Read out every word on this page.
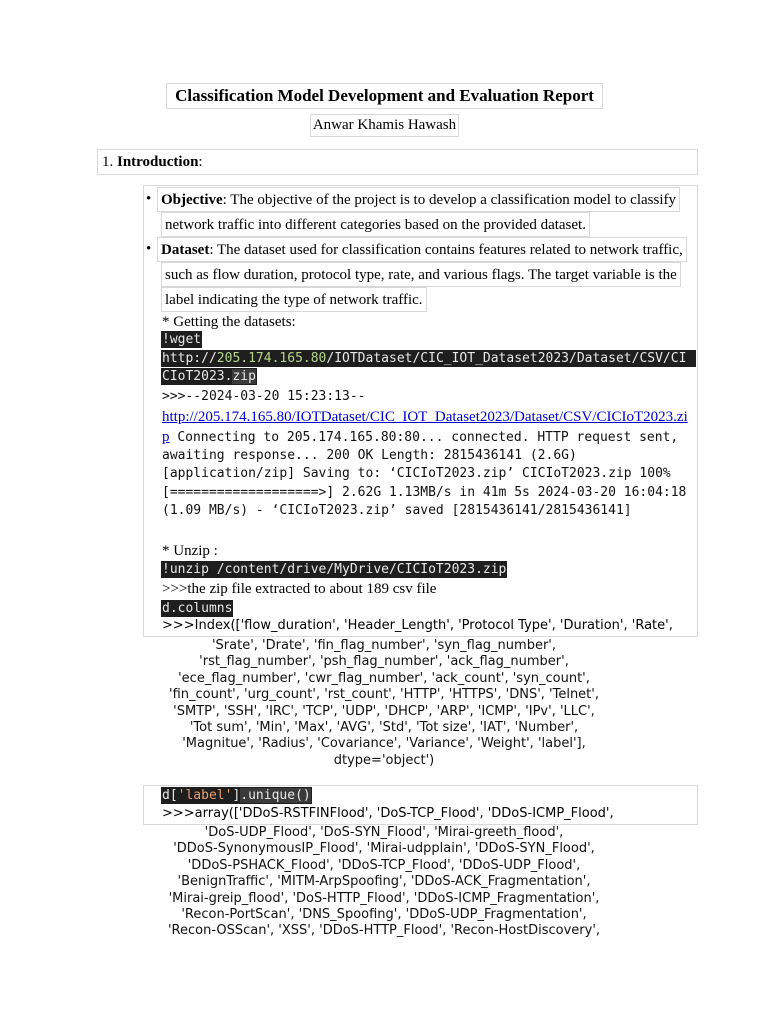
Classification Model Development and Evaluation Report
Anwar Khamis Hawash
1. Introduction:
• Objective: The objective of the project is to develop a classification model to classify
network traffic into different categories based on the provided dataset.
• Dataset: The dataset used for classification contains features related to network traffic,
such as flow duration, protocol type, rate, and various flags. The target variable is the
label indicating the type of network traffic.
* Getting the datasets:
!wget
http://205.174.165.80/IOTDataset/CIC_IOT_Dataset2023/Dataset/CSV/CI
CIoT2023.zip
>>>--2024-03-20 15:23:13--
http://205.174.165.80/IOTDataset/CIC_IOT_Dataset2023/Dataset/CSV/CICIoT2023.zi
p Connecting to 205.174.165.80:80... connected. HTTP request sent,
awaiting response... 200 OK Length: 2815436141 (2.6G)
[application/zip] Saving to: ‘CICIoT2023.zip’ CICIoT2023.zip 100%
[===================>] 2.62G 1.13MB/s in 41m 5s 2024-03-20 16:04:18
(1.09 MB/s) - ‘CICIoT2023.zip’ saved [2815436141/2815436141]
* Unzip :
!unzip /content/drive/MyDrive/CICIoT2023.zip
>>>the zip file extracted to about 189 csv file
d.columns
>>>Index(['flow_duration', 'Header_Length', 'Protocol Type', 'Duration', 'Rate',
'Srate', 'Drate', 'fin_flag_number', 'syn_flag_number',
'rst_flag_number', 'psh_flag_number', 'ack_flag_number',
'ece_flag_number', 'cwr_flag_number', 'ack_count', 'syn_count',
'fin_count', 'urg_count', 'rst_count', 'HTTP', 'HTTPS', 'DNS', 'Telnet',
'SMTP', 'SSH', 'IRC', 'TCP', 'UDP', 'DHCP', 'ARP', 'ICMP', 'IPv', 'LLC',
'Tot sum', 'Min', 'Max', 'AVG', 'Std', 'Tot size', 'IAT', 'Number',
'Magnitue', 'Radius', 'Covariance', 'Variance', 'Weight', 'label'],
dtype='object')
d['label'].unique()
>>>array(['DDoS-RSTFINFlood', 'DoS-TCP_Flood', 'DDoS-ICMP_Flood',
'DoS-UDP_Flood', 'DoS-SYN_Flood', 'Mirai-greeth_flood',
'DDoS-SynonymousIP_Flood', 'Mirai-udpplain', 'DDoS-SYN_Flood',
'DDoS-PSHACK_Flood', 'DDoS-TCP_Flood', 'DDoS-UDP_Flood',
'BenignTraffic', 'MITM-ArpSpoofing', 'DDoS-ACK_Fragmentation',
'Mirai-greip_flood', 'DoS-HTTP_Flood', 'DDoS-ICMP_Fragmentation',
'Recon-PortScan', 'DNS_Spoofing', 'DDoS-UDP_Fragmentation',
'Recon-OSScan', 'XSS', 'DDoS-HTTP_Flood', 'Recon-HostDiscovery',
